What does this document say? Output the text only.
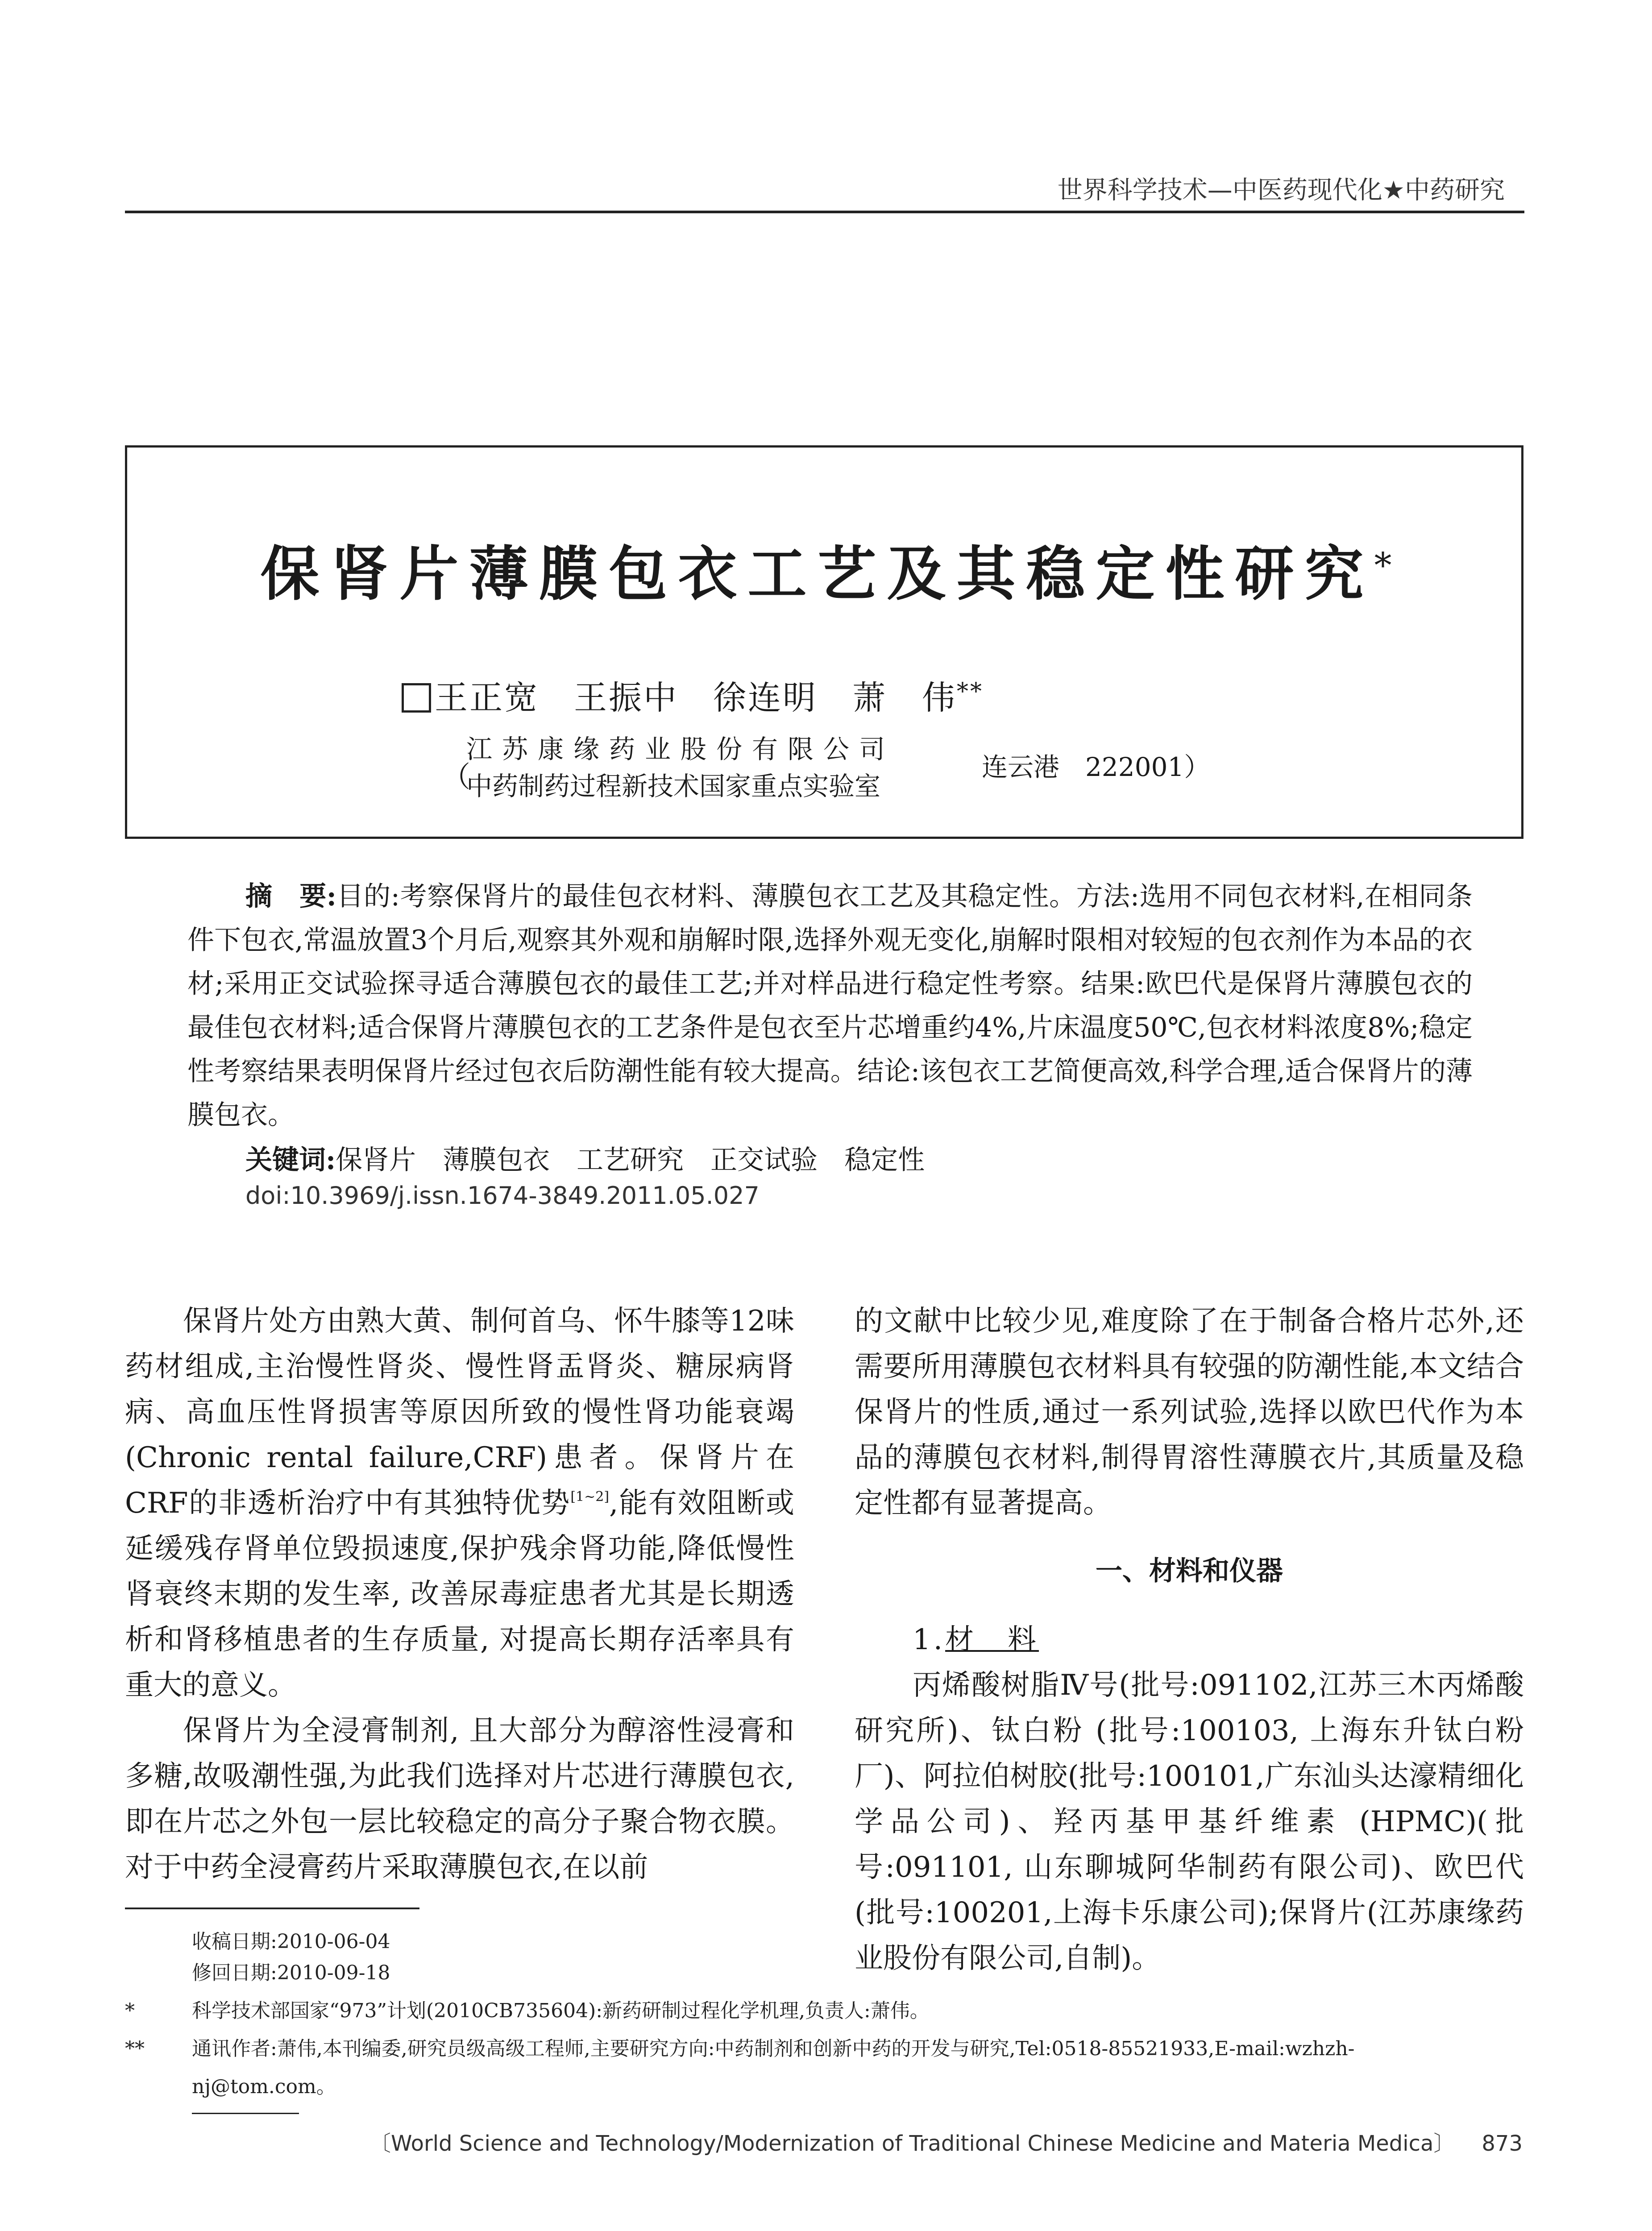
世界科学技术—中医药现代化★中药研究
保肾片薄膜包衣工艺及其稳定性研究*
王正宽　王振中　徐连明　萧　伟**
（
江苏康缘药业股份有限公司
中药制药过程新技术国家重点实验室
连云港　222001）
摘　要:目的:考察保肾片的最佳包衣材料、薄膜包衣工艺及其稳定性。方法:选用不同包衣材料,在相同条件下包衣,常温放置3个月后,观察其外观和崩解时限,选择外观无变化,崩解时限相对较短的包衣剂作为本品的衣材;采用正交试验探寻适合薄膜包衣的最佳工艺;并对样品进行稳定性考察。结果:欧巴代是保肾片薄膜包衣的最佳包衣材料;适合保肾片薄膜包衣的工艺条件是包衣至片芯增重约4%,片床温度50℃,包衣材料浓度8%;稳定性考察结果表明保肾片经过包衣后防潮性能有较大提高。结论:该包衣工艺简便高效,科学合理,适合保肾片的薄膜包衣。
关键词:保肾片　薄膜包衣　工艺研究　正交试验　稳定性
doi:10.3969/j.issn.1674-3849.2011.05.027

保肾片处方由熟大黄、制何首乌、怀牛膝等12味药材组成,主治慢性肾炎、慢性肾盂肾炎、糖尿病肾病、高血压性肾损害等原因所致的慢性肾功能衰竭(Chronic rental failure,CRF)患者。保肾片在CRF的非透析治疗中有其独特优势[1~2],能有效阻断或延缓残存肾单位毁损速度,保护残余肾功能,降低慢性肾衰终末期的发生率, 改善尿毒症患者尤其是长期透析和肾移植患者的生存质量, 对提高长期存活率具有重大的意义。

保肾片为全浸膏制剂, 且大部分为醇溶性浸膏和多糖,故吸潮性强,为此我们选择对片芯进行薄膜包衣, 即在片芯之外包一层比较稳定的高分子聚合物衣膜。对于中药全浸膏药片采取薄膜包衣,在以前

的文献中比较少见,难度除了在于制备合格片芯外,还需要所用薄膜包衣材料具有较强的防潮性能,本文结合保肾片的性质,通过一系列试验,选择以欧巴代作为本品的薄膜包衣材料,制得胃溶性薄膜衣片,其质量及稳定性都有显著提高。

一、材料和仪器

1.材　料

丙烯酸树脂Ⅳ号(批号:091102,江苏三木丙烯酸研究所)、钛白粉 (批号:100103, 上海东升钛白粉厂)、阿拉伯树胶(批号:100101,广东汕头达濠精细化学品公司)、羟丙基甲基纤维素 (HPMC)(批号:091101, 山东聊城阿华制药有限公司)、欧巴代 (批号:100201,上海卡乐康公司);保肾片(江苏康缘药业股份有限公司,自制)。

收稿日期:2010-06-04
修回日期:2010-09-18
*	科学技术部国家“973”计划(2010CB735604):新药研制过程化学机理,负责人:萧伟。
** 通讯作者:萧伟,本刊编委,研究员级高级工程师,主要研究方向:中药制剂和创新中药的开发与研究,Tel:0518-85521933,E-mail:wzhzh-
nj@tom.com。
〔World Science and Technology/Modernization of Traditional Chinese Medicine and Materia Medica〕 873
